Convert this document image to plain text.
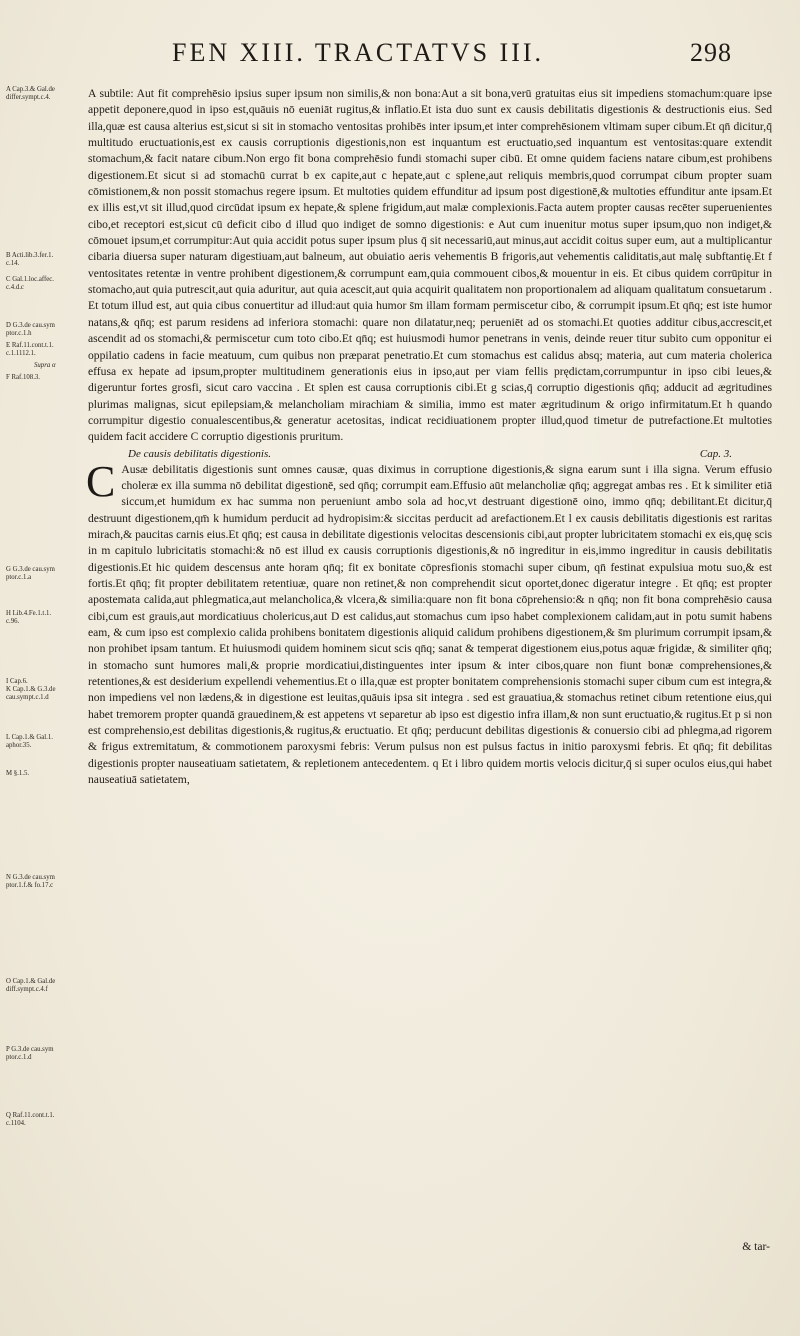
FEN XIII. TRACTATVS III.	298
A Cap.3.& Gal.de
differ.sympt.c.4.
B Acti.lib.3.fer.1.
c.14.
C Gal.1.loc.affec.
c.4.d.c
D G.3.de cau.sym
ptor.c.1.h
E Raf.11.cont.t.1.
c.1.1112.1.
Supra α
F Raf.108.3.
G G.3.de cau.sym
ptor.c.1.a
H Lib.4.Fe.1.t.1.
c.96.
I Cap.6.
K Cap.1.& G.3.de
cau.sympt.c.1.d
L Cap.1.& Gal.1.
aphor.35.
M §.1.5.
N G.3.de cau.sym
ptor.1.f.& fo.17.c
O Cap.1.& Gal.de
diff.sympt.c.4.f
P G.3.de cau.sym
ptor.c.1.d
Q Raf.11.cont.t.1.
c.1104.

A subtile: Aut fit comprehēsio ipsius super ipsum non similis,& non bona:Aut a sit bona,verū gratuitas eius sit impediens stomachum:quare ipse appetit deponere,quod in ipso est,quāuis nō eueniāt rugitus,& inflatio.Et ista duo sunt ex causis debilitatis digestionis & destructionis eius. Sed illa,quæ est causa alterius est,sicut si sit in stomacho ventositas prohibēs inter ipsum,et inter comprehēsionem vltimam super cibum.Et qn̄ dicitur,q̄ multitudo eructuationis,est ex causis corruptionis digestionis,non est inquantum est eructuatio,sed inquantum est ventositas:quare extendit stomachum,& facit natare cibum.Non ergo fit bona comprehēsio fundi stomachi super cibū. Et omne quidem faciens natare cibum,est prohibens digestionem.Et sicut si ad stomachū currat b ex capite,aut c hepate,aut c splene,aut reliquis membris,quod corrumpat cibum propter suam cōmistionem,& non possit stomachus regere ipsum. Et multoties quidem effunditur ad ipsum post digestionē,& multoties effunditur ante ipsam.Et ex illis est,vt sit illud,quod circūdat ipsum ex hepate,& splene frigidum,aut malæ complexionis.Facta autem propter causas recēter superuenientes cibo,et receptori est,sicut cū deficit cibo d illud quo indiget de somno digestionis: e Aut cum inuenitur motus super ipsum,quo non indiget,& cōmouet ipsum,et corrumpitur:Aut quia accidit potus super ipsum plus q̄ sit necessariū,aut minus,aut accidit coitus super eum, aut a multiplicantur cibaria diuersa super naturam digestiuam,aut balneum, aut obuiatio aeris vehementis B frigoris,aut vehementis caliditatis,aut malę subftantię.Et f ventositates retentæ in ventre prohibent digestionem,& corrumpunt eam,quia commouent cibos,& mouentur in eis. Et cibus quidem corrūpitur in stomacho,aut quia putrescit,aut quia aduritur, aut quia acescit,aut quia acquirit qualitatem non proportionalem ad aliquam qualitatum consuetarum . Et totum illud est, aut quia cibus conuertitur ad illud:aut quia humor s̄m illam formam permiscetur cibo, & corrumpit ipsum.Et qn̄q; est iste humor natans,& qn̄q; est parum residens ad inferiora stomachi: quare non dilatatur,neq; perueniēt ad os stomachi.Et quoties additur cibus,accrescit,et ascendit ad os stomachi,& permiscetur cum toto cibo.Et qn̄q; est huiusmodi humor penetrans in venis, deinde reuer titur subito cum opponitur ei oppilatio cadens in facie meatuum, cum quibus non præparat penetratio.Et cum stomachus est calidus absq; materia, aut cum materia cholerica effusa ex hepate ad ipsum,propter multitudinem generationis eius in ipso,aut per viam fellis prędictam,corrumpuntur in ipso cibi leues,& digeruntur fortes grosfi, sicut caro vaccina . Et splen est causa corruptionis cibi.Et g scias,q̄ corruptio digestionis qn̄q; adducit ad ægritudines plurimas malignas, sicut epilepsiam,& melancholiam mirachiam & similia, immo est mater ægritudinum & origo infirmitatum.Et h quando corrumpitur digestio conualescentibus,& generatur acetositas, indicat recidiuationem propter illud,quod timetur de putrefactione.Et multoties quidem facit accidere C corruptio digestionis pruritum.

De causis debilitatis digestionis.	Cap. 3.

C Ausæ debilitatis digestionis sunt omnes causæ, quas diximus in corruptione digestionis,& signa earum sunt i illa signa. Verum effusio choleræ ex illa summa nō debilitat digestionē, sed qn̄q; corrumpit eam.Effusio aūt melancholiæ qn̄q; aggregat ambas res . Et k similiter etiā siccum,et humidum ex hac summa non perueniunt ambo sola ad hoc,vt destruant digestionē oino, immo qn̄q; debilitant.Et dicitur,q̄ destruunt digestionem,qm̄ k humidum perducit ad hydropisim:& siccitas perducit ad arefactionem.Et l ex causis debilitatis digestionis est raritas mirach,& paucitas carnis eius.Et qn̄q; est causa in debilitate digestionis velocitas descensionis cibi,aut propter lubricitatem stomachi ex eis,quę scis in m capitulo lubricitatis stomachi:& nō est illud ex causis corruptionis digestionis,& nō ingreditur in eis,immo ingreditur in causis debilitatis digestionis.Et hic quidem descensus ante horam qn̄q; fit ex bonitate cōpresfionis stomachi super cibum, qn̄ festinat expulsiua motu suo,& est fortis.Et qn̄q; fit propter debilitatem retentiuæ, quare non retinet,& non comprehendit sicut oportet,donec digeratur integre . Et qn̄q; est propter apostemata calida,aut phlegmatica,aut melancholica,& vlcera,& similia:quare non fit bona cōprehensio:& n qn̄q; non fit bona comprehēsio causa cibi,cum est grauis,aut mordicatiuus cholericus,aut D est calidus,aut stomachus cum ipso habet complexionem calidam,aut in potu sumit habens eam, & cum ipso est complexio calida prohibens bonitatem digestionis aliquid calidum prohibens digestionem,& s̄m plurimum corrumpit ipsam,& non prohibet ipsam tantum. Et huiusmodi quidem hominem sicut scis qn̄q; sanat & temperat digestionem eius,potus aquæ frigidæ, & similiter qn̄q; in stomacho sunt humores mali,& proprie mordicatiui,distinguentes inter ipsum & inter cibos,quare non fiunt bonæ comprehensiones,& retentiones,& est desiderium expellendi vehementius.Et o illa,quæ est propter bonitatem comprehensionis stomachi super cibum cum est integra,& non impediens vel non lædens,& in digestione est leuitas,quāuis ipsa sit integra . sed est grauatiua,& stomachus retinet cibum retentione eius,qui habet tremorem propter quandā grauedinem,& est appetens vt separetur ab ipso est digestio infra illam,& non sunt eructuatio,& rugitus.Et p si non est comprehensio,est debilitas digestionis,& rugitus,& eructuatio. Et qn̄q; perducunt debilitas digestionis & conuersio cibi ad phlegma,ad rigorem & frigus extremitatum, & commotionem paroxysmi febris: Verum pulsus non est pulsus factus in initio paroxysmi febris. Et qn̄q; fit debilitas digestionis propter nauseatiuam satietatem, & repletionem antecedentem. q Et i libro quidem mortis velocis dicitur,q̄ si super oculos eius,qui habet nauseatiuā satietatem,

& tar-
